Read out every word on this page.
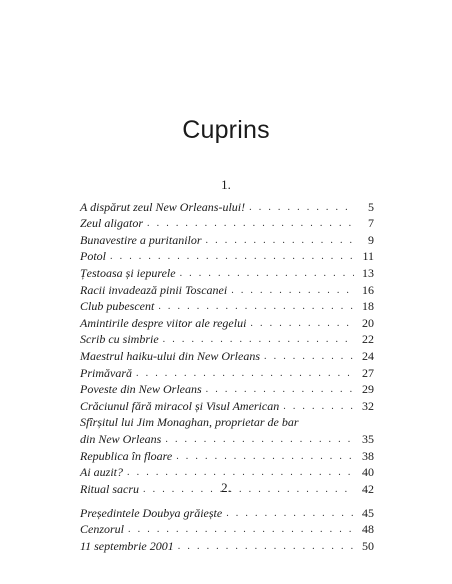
Cuprins
1.
A dispărut zeul New Orleans-ului! . . .	5
Zeul aligator . . .	7
Bunavestire a puritanilor . . .	9
Potol . . .	11
Țestoasa și iepurele . . .	13
Racii invadează pinii Toscanei . . .	16
Club pubescent . . .	18
Amintirile despre viitor ale regelui . . .	20
Scrib cu simbrie . . .	22
Maestrul haiku-ului din New Orleans . . .	24
Primăvară . . .	27
Poveste din New Orleans . . .	29
Crăciunul fără miracol și Visul American . . .	32
Sfîrșitul lui Jim Monaghan, proprietar de bar
din New Orleans . . .	35
Republica în floare . . .	38
Ai auzit? . . .	40
Ritual sacru . . .	42
2.
Președintele Doubya grăiește . . .	45
Cenzorul . . .	48
11 septembrie 2001 . . .	50
